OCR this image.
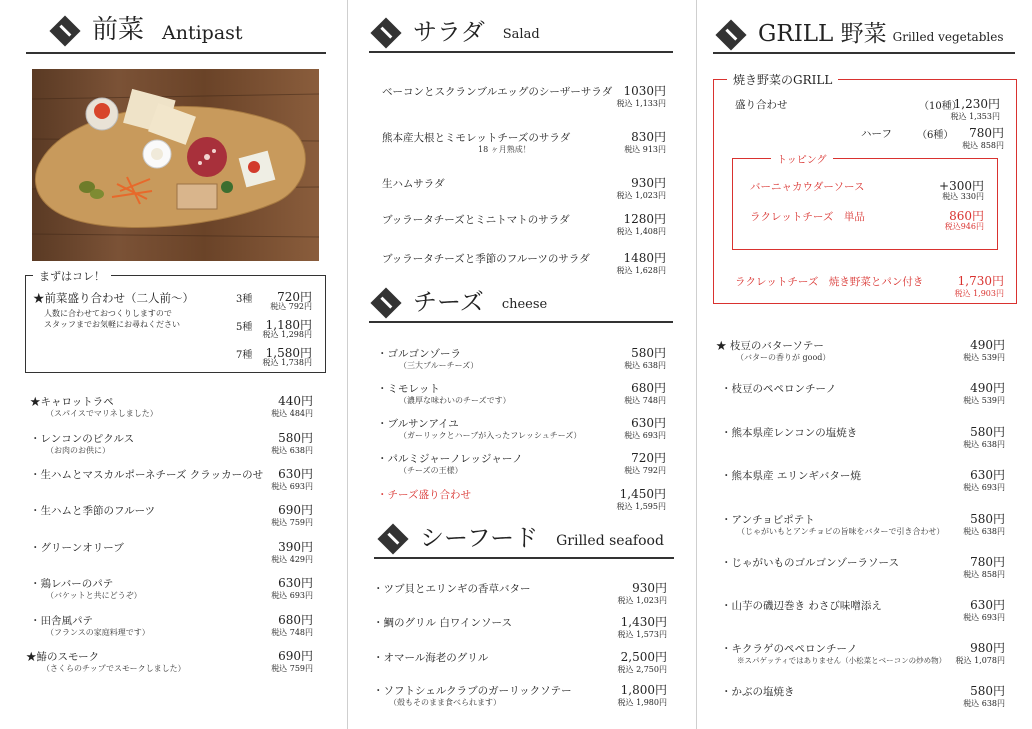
前菜 Antipast
まずはコレ！
★前菜盛り合わせ（二人前～）
人数に合わせておつくりしますので
スタッフまでお気軽にお尋ねください
3種 720円
税込 792円
5種 1,180円
税込 1,298円
7種 1,580円
税込 1,738円
★キャロットラペ
（スパイスでマリネしました）
440円
税込 484円
・レンコンのピクルス
（お肉のお供に）
580円
税込 638円
・生ハムとマスカルポーネチーズ クラッカーのせ 630円
税込 693円
・生ハムと季節のフルーツ	690円
税込 759円
・グリーンオリーブ	390円
税込 429円
・鶏レバーのパテ
（バケットと共にどうぞ）
630円
税込 693円
・田舎風パテ
（フランスの家庭料理です）
680円
税込 748円
★鰆のスモーク
（さくらのチップでスモークしました）
690円
税込 759円
サラダ Salad
ベーコンとスクランブルエッグのシーザーサラダ 1030円
税込 1,133円
熊本産大根とミモレットチーズのサラダ
18 ヶ月熟成！
830円
税込 913円
生ハムサラダ	930円
税込 1,023円
ブッラータチーズとミニトマトのサラダ	1280円
税込 1,408円
ブッラータチーズと季節のフルーツのサラダ	1480円
税込 1,628円
チーズ cheese
・ゴルゴンゾーラ
（三大ブルーチーズ）
580円
税込 638円
・ミモレット
（濃厚な味わいのチーズです）
680円
税込 748円
・ブルサンアイユ
（ガーリックとハーブが入ったフレッシュチーズ）
630円
税込 693円
・パルミジャーノレッジャーノ
（チーズの王様）
720円
税込 792円
・チーズ盛り合わせ	1,450円
税込 1,595円
シーフード Grilled seafood
・ツブ貝とエリンギの香草バター	930円
税込 1,023円
・鯛のグリル 白ワインソース	1,430円
税込 1,573円
・オマール海老のグリル	2,500円
税込 2,750円
・ソフトシェルクラブのガーリックソテー
（殻もそのまま食べられます）
1,800円
税込 1,980円
GRILL 野菜 Grilled vegetables
焼き野菜のGRILL
盛り合わせ	（10種）
1,230円
税込 1,353円
ハーフ	（6種） 780円
税込 858円
トッピング
バーニャカウダーソース	+300円
税込 330円
ラクレットチーズ　単品	860円
税込946円
ラクレットチーズ　焼き野菜とパン付き	1,730円
税込 1,903円
★ 枝豆のバターソテー
（バターの香りが good）
490円
税込 539円
・枝豆のペペロンチーノ	490円
税込 539円
・熊本県産レンコンの塩焼き	580円
税込 638円
・熊本県産 エリンギバター焼	630円
税込 693円
・アンチョビポテト
（じゃがいもとアンチョビの旨味をバターで引き合わせ）
580円
税込 638円
・じゃがいものゴルゴンゾーラソース	780円
税込 858円
・山芋の磯辺巻き わさび味噌添え	630円
税込 693円
・キクラゲのペペロンチーノ
※スパゲッティではありません（小松菜とベーコンの炒め物）
980円
税込 1,078円
・かぶの塩焼き	580円
税込 638円
